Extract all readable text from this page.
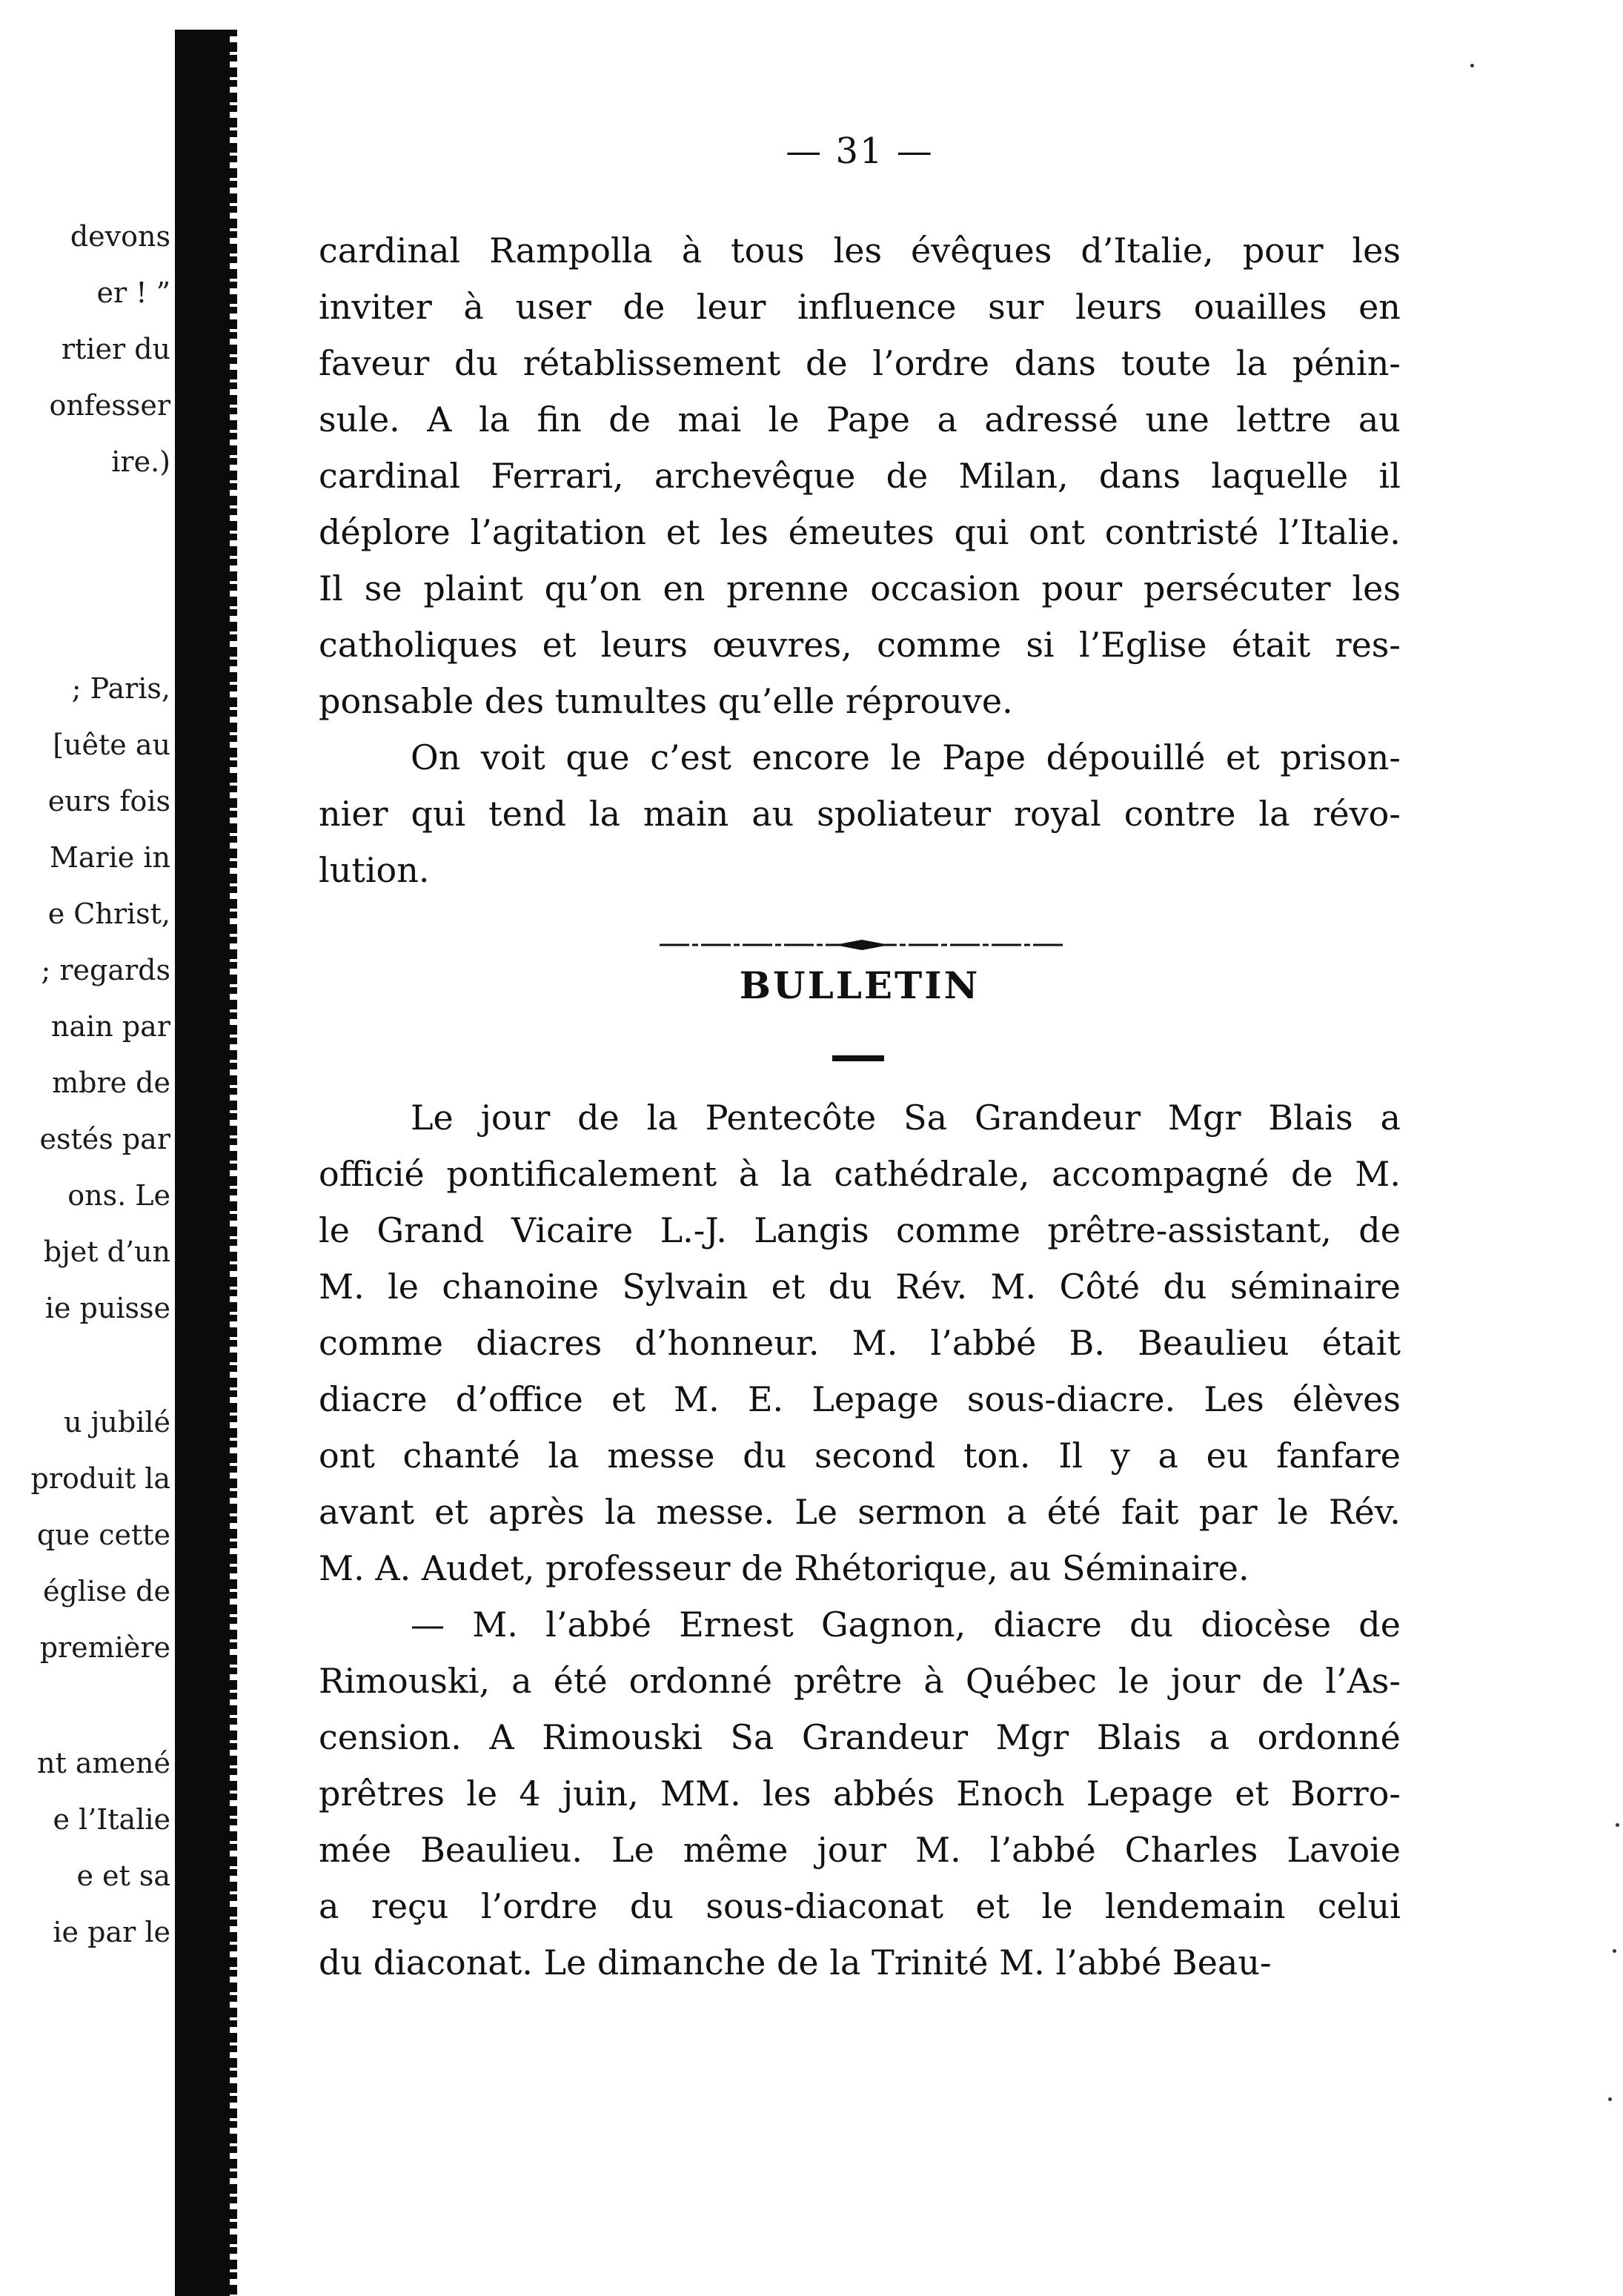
devons
er ! ”
rtier du
onfesser
ire.)
; Paris,
[uête au
eurs fois
Marie in
e Christ,
; regards
nain par
mbre de
estés par
ons. Le
bjet d’un
ie puisse
u jubilé
produit la
que cette
église de
première
nt amené
e l’Italie
e et sa
ie par le
— 31 —
cardinal Rampolla à tous les évêques d’Italie, pour les
inviter à user de leur influence sur leurs ouailles en
faveur du rétablissement de l’ordre dans toute la pénin-
sule. A la fin de mai le Pape a adressé une lettre au
cardinal Ferrari, archevêque de Milan, dans laquelle il
déplore l’agitation et les émeutes qui ont contristé l’Italie.
Il se plaint qu’on en prenne occasion pour persécuter les
catholiques et leurs œuvres, comme si l’Eglise était res-
ponsable des tumultes qu’elle réprouve.
On voit que c’est encore le Pape dépouillé et prison-
nier qui tend la main au spoliateur royal contre la révo-
lution.
BULLETIN
Le jour de la Pentecôte Sa Grandeur Mgr Blais a
officié pontificalement à la cathédrale, accompagné de M.
le Grand Vicaire L.-J. Langis comme prêtre-assistant, de
M. le chanoine Sylvain et du Rév. M. Côté du séminaire
comme diacres d’honneur. M. l’abbé B. Beaulieu était
diacre d’office et M. E. Lepage sous-diacre. Les élèves
ont chanté la messe du second ton. Il y a eu fanfare
avant et après la messe. Le sermon a été fait par le Rév.
M. A. Audet, professeur de Rhétorique, au Séminaire.
— M. l’abbé Ernest Gagnon, diacre du diocèse de
Rimouski, a été ordonné prêtre à Québec le jour de l’As-
cension. A Rimouski Sa Grandeur Mgr Blais a ordonné
prêtres le 4 juin, MM. les abbés Enoch Lepage et Borro-
mée Beaulieu. Le même jour M. l’abbé Charles Lavoie
a reçu l’ordre du sous-diaconat et le lendemain celui
du diaconat. Le dimanche de la Trinité M. l’abbé Beau-
